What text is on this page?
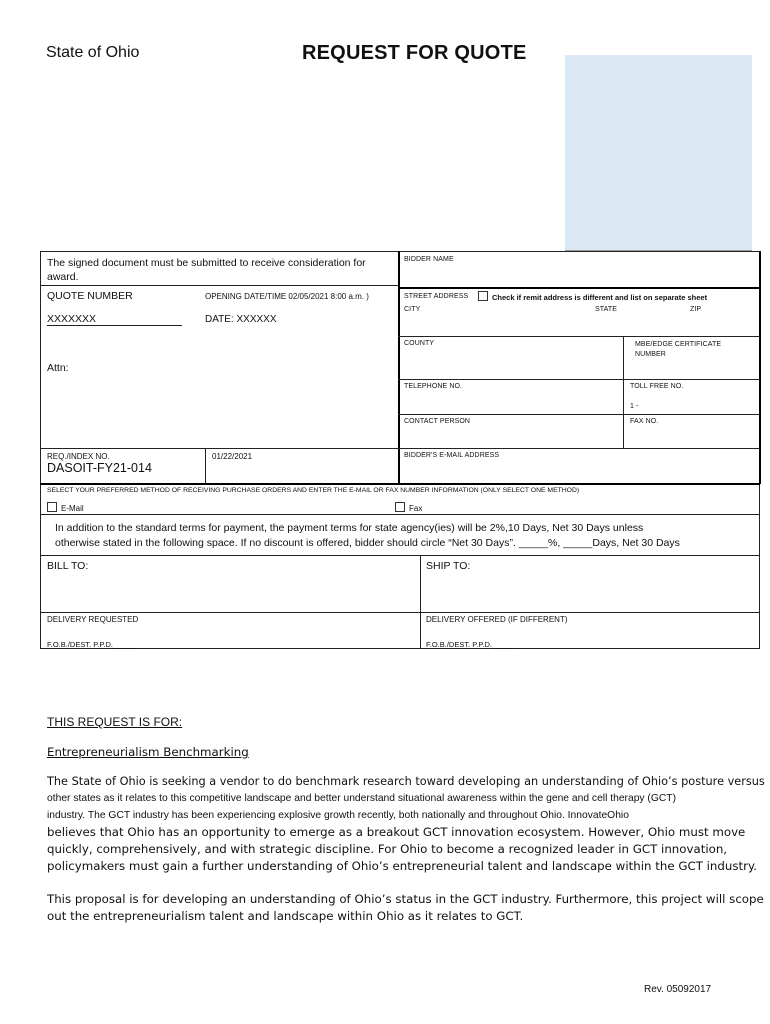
State of Ohio	REQUEST FOR QUOTE
The signed document must be submitted to receive consideration for award.
QUOTE NUMBER
XXXXXXX
OPENING DATE/TIME 02/05/2021 8:00 a.m. )
DATE: XXXXXX
Attn:
REQ./INDEX NO.
DASOIT-FY21-014
01/22/2021
BIDDER NAME
STREET ADDRESS	Check if remit address is different and list on separate sheet
CITY	STATE	ZIP
COUNTY	MBE/EDGE CERTIFICATE NUMBER
TELEPHONE NO.	TOLL FREE NO.
1 -
CONTACT PERSON	FAX NO.
BIDDER'S E-MAIL ADDRESS
SELECT YOUR PREFERRED METHOD OF RECEIVING PURCHASE ORDERS AND ENTER THE E-MAIL OR FAX NUMBER INFORMATION (ONLY SELECT ONE METHOD)
E-Mail	Fax
In addition to the standard terms for payment, the payment terms for state agency(ies) will be 2%,10 Days, Net 30 Days unless
otherwise stated in the following space. If no discount is offered, bidder should circle “Net 30 Days”. _____%, _____Days, Net 30 Days
BILL TO:	SHIP TO:
DELIVERY REQUESTED	DELIVERY OFFERED (IF DIFFERENT)
F.O.B./DEST. P.P.D.______	F.O.B./DEST. P.P.D.______
THIS REQUEST IS FOR:
Entrepreneurialism Benchmarking
The State of Ohio is seeking a vendor to do benchmark research toward developing an understanding of Ohio’s posture versus
other states as it relates to this competitive landscape and better understand situational awareness within the gene and cell therapy (GCT)
industry. The GCT industry has been experiencing explosive growth recently, both nationally and throughout Ohio. InnovateOhio
believes that Ohio has an opportunity to emerge as a breakout GCT innovation ecosystem. However, Ohio must move
quickly, comprehensively, and with strategic discipline. For Ohio to become a recognized leader in GCT innovation,
policymakers must gain a further understanding of Ohio’s entrepreneurial talent and landscape within the GCT industry.
This proposal is for developing an understanding of Ohio’s status in the GCT industry. Furthermore, this project will scope
out the entrepreneurialism talent and landscape within Ohio as it relates to GCT.
Rev. 05092017
